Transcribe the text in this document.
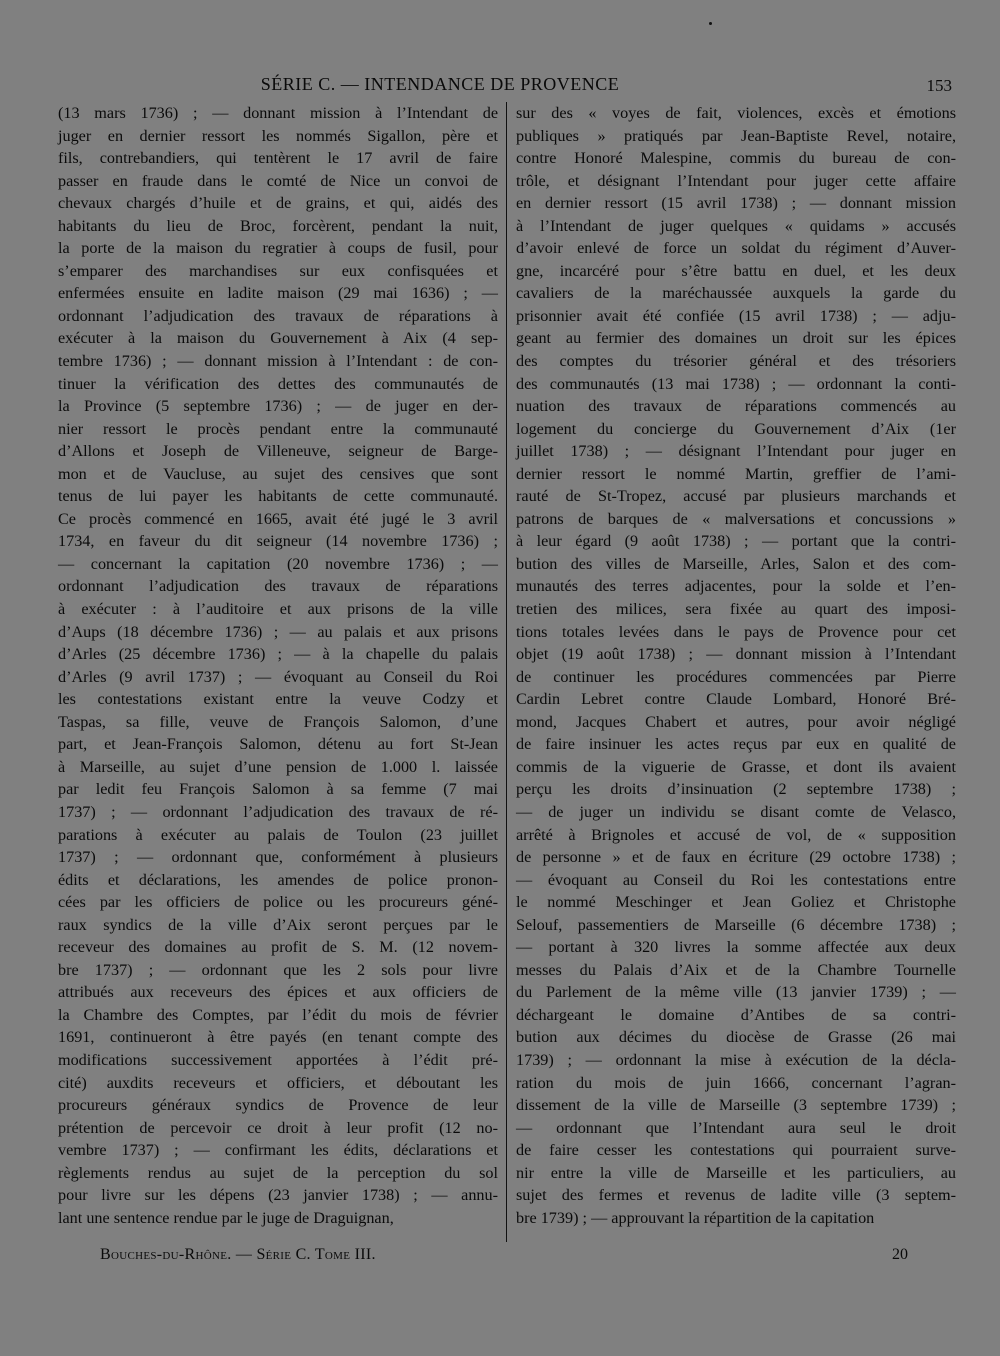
SÉRIE C. — INTENDANCE DE PROVENCE	153

(13 mars 1736) ; — donnant mission à l’Intendant de

juger en dernier ressort les nommés Sigallon, père et

fils, contrebandiers, qui tentèrent le 17 avril de faire

passer en fraude dans le comté de Nice un convoi de

chevaux chargés d’huile et de grains, et qui, aidés des

habitants du lieu de Broc, forcèrent, pendant la nuit,

la porte de la maison du regratier à coups de fusil, pour

s’emparer des marchandises sur eux confisquées et

enfermées ensuite en ladite maison (29 mai 1636) ; —

ordonnant l’adjudication des travaux de réparations à

exécuter à la maison du Gouvernement à Aix (4 sep-

tembre 1736) ; — donnant mission à l’Intendant : de con-

tinuer la vérification des dettes des communautés de

la Province (5 septembre 1736) ; — de juger en der-

nier ressort le procès pendant entre la communauté

d’Allons et Joseph de Villeneuve, seigneur de Barge-

mon et de Vaucluse, au sujet des censives que sont

tenus de lui payer les habitants de cette communauté.

Ce procès commencé en 1665, avait été jugé le 3 avril

1734, en faveur du dit seigneur (14 novembre 1736) ;

— concernant la capitation (20 novembre 1736) ; —

ordonnant l’adjudication des travaux de réparations

à exécuter : à l’auditoire et aux prisons de la ville

d’Aups (18 décembre 1736) ; — au palais et aux prisons

d’Arles (25 décembre 1736) ; — à la chapelle du palais

d’Arles (9 avril 1737) ; — évoquant au Conseil du Roi

les contestations existant entre la veuve Codzy et

Taspas, sa fille, veuve de François Salomon, d’une

part, et Jean-François Salomon, détenu au fort St-Jean

à Marseille, au sujet d’une pension de 1.000 l. laissée

par ledit feu François Salomon à sa femme (7 mai

1737) ; — ordonnant l’adjudication des travaux de ré-

parations à exécuter au palais de Toulon (23 juillet

1737) ; — ordonnant que, conformément à plusieurs

édits et déclarations, les amendes de police pronon-

cées par les officiers de police ou les procureurs géné-

raux syndics de la ville d’Aix seront perçues par le

receveur des domaines au profit de S. M. (12 novem-

bre 1737) ; — ordonnant que les 2 sols pour livre

attribués aux receveurs des épices et aux officiers de

la Chambre des Comptes, par l’édit du mois de février

1691, continueront à être payés (en tenant compte des

modifications successivement apportées à l’édit pré-

cité) auxdits receveurs et officiers, et déboutant les

procureurs généraux syndics de Provence de leur

prétention de percevoir ce droit à leur profit (12 no-

vembre 1737) ; — confirmant les édits, déclarations et

règlements rendus au sujet de la perception du sol

pour livre sur les dépens (23 janvier 1738) ; — annu-

lant une sentence rendue par le juge de Draguignan,

sur des « voyes de fait, violences, excès et émotions

publiques » pratiqués par Jean-Baptiste Revel, notaire,

contre Honoré Malespine, commis du bureau de con-

trôle, et désignant l’Intendant pour juger cette affaire

en dernier ressort (15 avril 1738) ; — donnant mission

à l’Intendant de juger quelques « quidams » accusés

d’avoir enlevé de force un soldat du régiment d’Auver-

gne, incarcéré pour s’être battu en duel, et les deux

cavaliers de la maréchaussée auxquels la garde du

prisonnier avait été confiée (15 avril 1738) ; — adju-

geant au fermier des domaines un droit sur les épices

des comptes du trésorier général et des trésoriers

des communautés (13 mai 1738) ; — ordonnant la conti-

nuation des travaux de réparations commencés au

logement du concierge du Gouvernement d’Aix (1er

juillet 1738) ; — désignant l’Intendant pour juger en

dernier ressort le nommé Martin, greffier de l’ami-

rauté de St-Tropez, accusé par plusieurs marchands et

patrons de barques de « malversations et concussions »

à leur égard (9 août 1738) ; — portant que la contri-

bution des villes de Marseille, Arles, Salon et des com-

munautés des terres adjacentes, pour la solde et l’en-

tretien des milices, sera fixée au quart des imposi-

tions totales levées dans le pays de Provence pour cet

objet (19 août 1738) ; — donnant mission à l’Intendant

de continuer les procédures commencées par Pierre

Cardin Lebret contre Claude Lombard, Honoré Bré-

mond, Jacques Chabert et autres, pour avoir négligé

de faire insinuer les actes reçus par eux en qualité de

commis de la viguerie de Grasse, et dont ils avaient

perçu les droits d’insinuation (2 septembre 1738) ;

— de juger un individu se disant comte de Velasco,

arrêté à Brignoles et accusé de vol, de « supposition

de personne » et de faux en écriture (29 octobre 1738) ;

— évoquant au Conseil du Roi les contestations entre

le nommé Meschinger et Jean Goliez et Christophe

Selouf, passementiers de Marseille (6 décembre 1738) ;

— portant à 320 livres la somme affectée aux deux

messes du Palais d’Aix et de la Chambre Tournelle

du Parlement de la même ville (13 janvier 1739) ; —

déchargeant le domaine d’Antibes de sa contri-

bution aux décimes du diocèse de Grasse (26 mai

1739) ; — ordonnant la mise à exécution de la décla-

ration du mois de juin 1666, concernant l’agran-

dissement de la ville de Marseille (3 septembre 1739) ;

— ordonnant que l’Intendant aura seul le droit

de faire cesser les contestations qui pourraient surve-

nir entre la ville de Marseille et les particuliers, au

sujet des fermes et revenus de ladite ville (3 septem-

bre 1739) ; — approuvant la répartition de la capitation

Bouches-du-Rhône. — Série C. Tome III.	20
